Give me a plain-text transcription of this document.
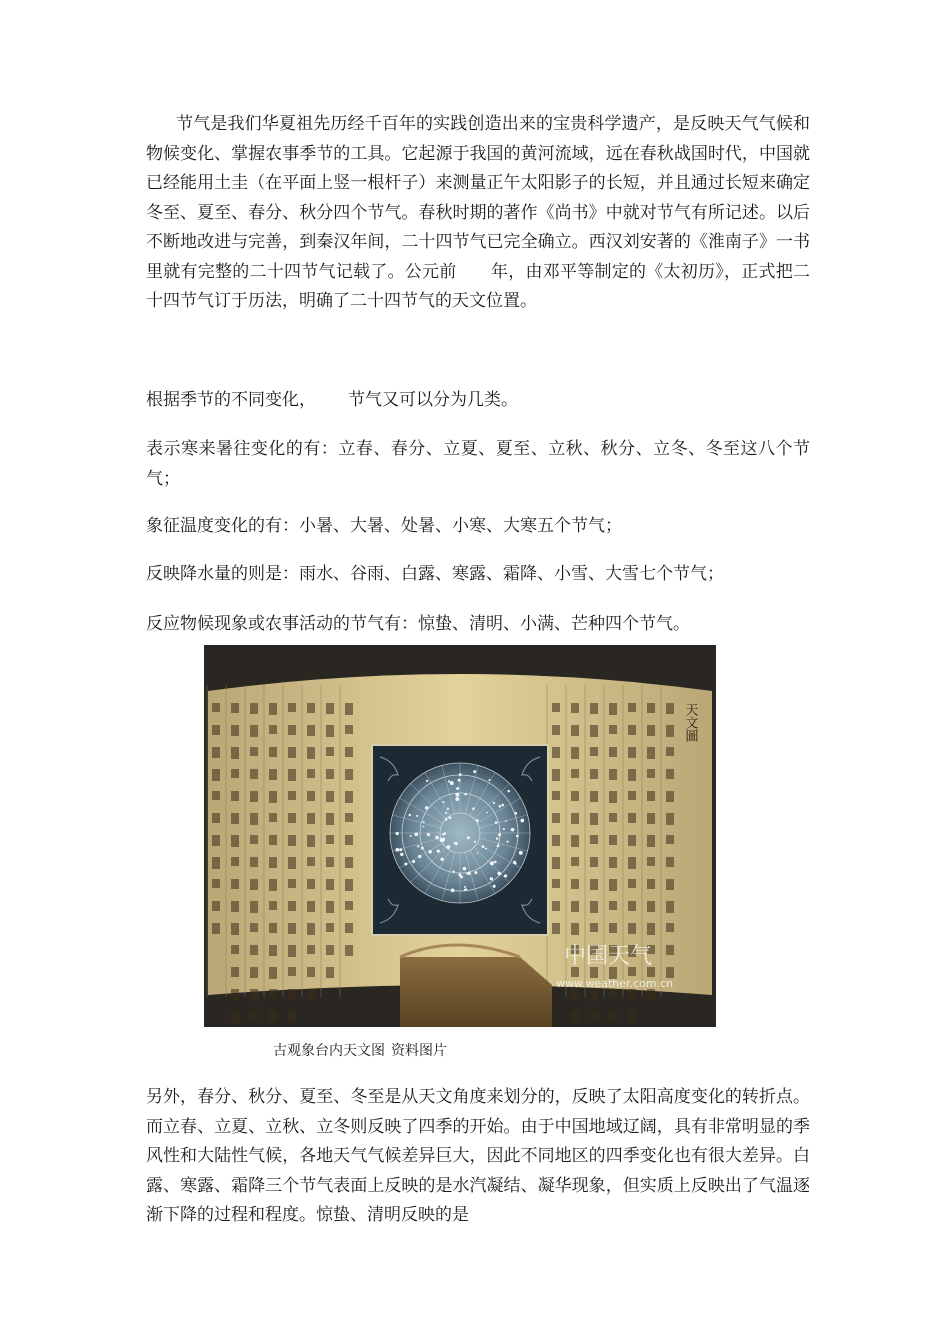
节气是我们华夏祖先历经千百年的实践创造出来的宝贵科学遗产，是反映天气气候和物候变化、掌握农事季节的工具。它起源于我国的黄河流域，远在春秋战国时代，中国就已经能用土圭（在平面上竖一根杆子）来测量正午太阳影子的长短，并且通过长短来确定冬至、夏至、春分、秋分四个节气。春秋时期的著作《尚书》中就对节气有所记述。以后不断地改进与完善，到秦汉年间，二十四节气已完全确立。西汉刘安著的《淮南子》一书里就有完整的二十四节气记载了。公元前　　年，由邓平等制定的《太初历》，正式把二十四节气订于历法，明确了二十四节气的天文位置。

根据季节的不同变化， 节气又可以分为几类。

表示寒来暑往变化的有：立春、春分、立夏、夏至、立秋、秋分、立冬、冬至这八个节气；

象征温度变化的有：小暑、大暑、处暑、小寒、大寒五个节气；

反映降水量的则是：雨水、谷雨、白露、寒露、霜降、小雪、大雪七个节气；

反应物候现象或农事活动的节气有：惊蛰、清明、小满、芒种四个节气。

天文圖
中国天气
www.weather.com.cn

古观象台内天文图 资料图片

另外，春分、秋分、夏至、冬至是从天文角度来划分的，反映了太阳高度变化的转折点。而立春、立夏、立秋、立冬则反映了四季的开始。由于中国地域辽阔，具有非常明显的季风性和大陆性气候，各地天气气候差异巨大，因此不同地区的四季变化也有很大差异。白露、寒露、霜降三个节气表面上反映的是水汽凝结、凝华现象，但实质上反映出了气温逐渐下降的过程和程度。惊蛰、清明反映的是
